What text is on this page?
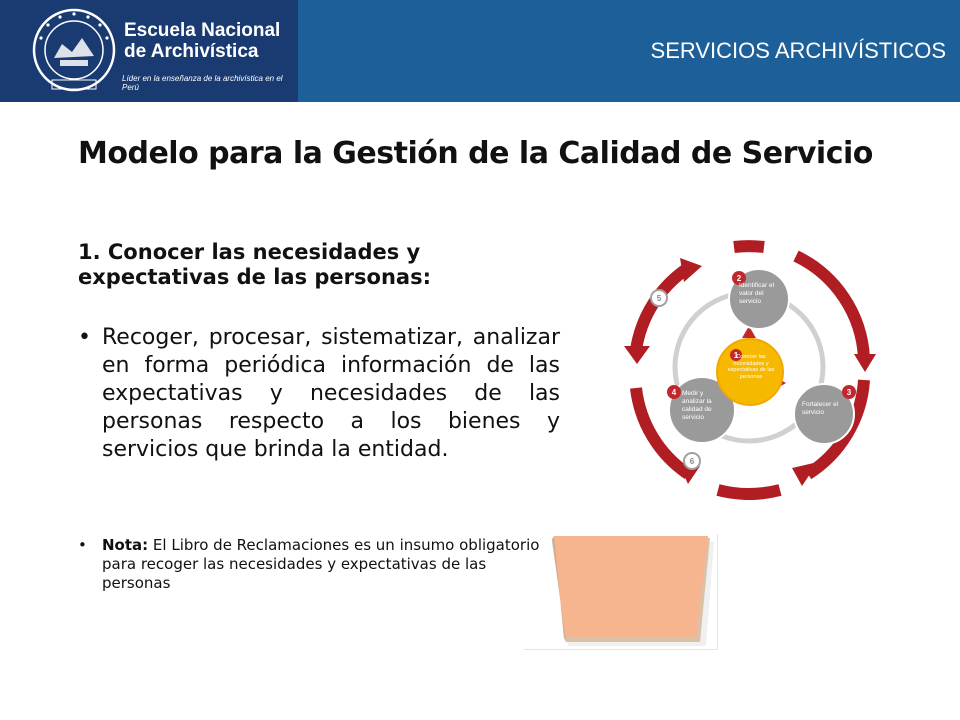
Escuela Nacional
de Archivística
Líder en la enseñanza de la archivística en el Perú
SERVICIOS ARCHIVÍSTICOS
Modelo para la Gestión de la Calidad de Servicio
1. Conocer las necesidades y expectativas de las personas:
• Recoger, procesar, sistematizar, analizar en forma periódica información de las expectativas y necesidades de las personas respecto a los bienes y servicios que brinda la entidad.
• Nota: El Libro de Reclamaciones es un insumo obligatorio para recoger las necesidades y expectativas de las personas
2
3
4
1
5
6
Identificar el valor del servicio
Fortalecer el servicio
Medir y analizar la calidad de servicio
Conocer las necesidades y expectativas de las personas
